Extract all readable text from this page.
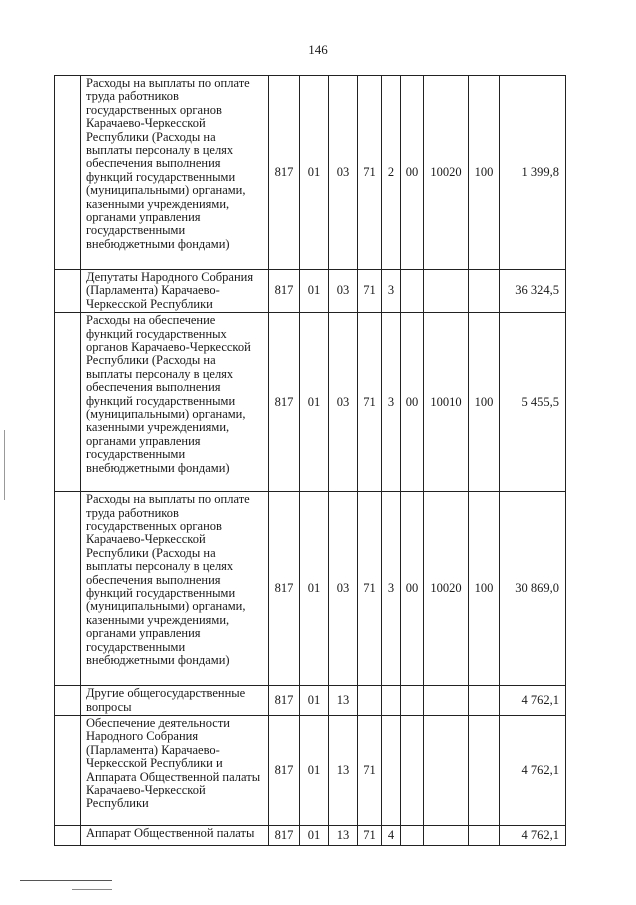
146
	Расходы на выплаты по оплате труда работников государственных органов Карачаево-Черкесской Республики (Расходы на выплаты персоналу в целях обеспечения выполнения функций государственными (муниципальными) органами, казенными учреждениями, органами управления государственными внебюджетными фондами)	817	01	03	71	2	00	10020	100	1 399,8
	Депутаты Народного Собрания (Парламента) Карачаево-Черкесской Республики	817	01	03	71	3				36 324,5
	Расходы на обеспечение функций государственных органов Карачаево-Черкесской Республики (Расходы на выплаты персоналу в целях обеспечения выполнения функций государственными (муниципальными) органами, казенными учреждениями, органами управления государственными внебюджетными фондами)	817	01	03	71	3	00	10010	100	5 455,5
	Расходы на выплаты по оплате труда работников государственных органов Карачаево-Черкесской Республики (Расходы на выплаты персоналу в целях обеспечения выполнения функций государственными (муниципальными) органами, казенными учреждениями, органами управления государственными внебюджетными фондами)	817	01	03	71	3	00	10020	100	30 869,0
	Другие общегосударственные вопросы	817	01	13						4 762,1
	Обеспечение деятельности Народного Собрания (Парламента) Карачаево-Черкесской Республики и Аппарата Общественной палаты Карачаево-Черкесской Республики	817	01	13	71					4 762,1
	Аппарат Общественной палаты	817	01	13	71	4				4 762,1
